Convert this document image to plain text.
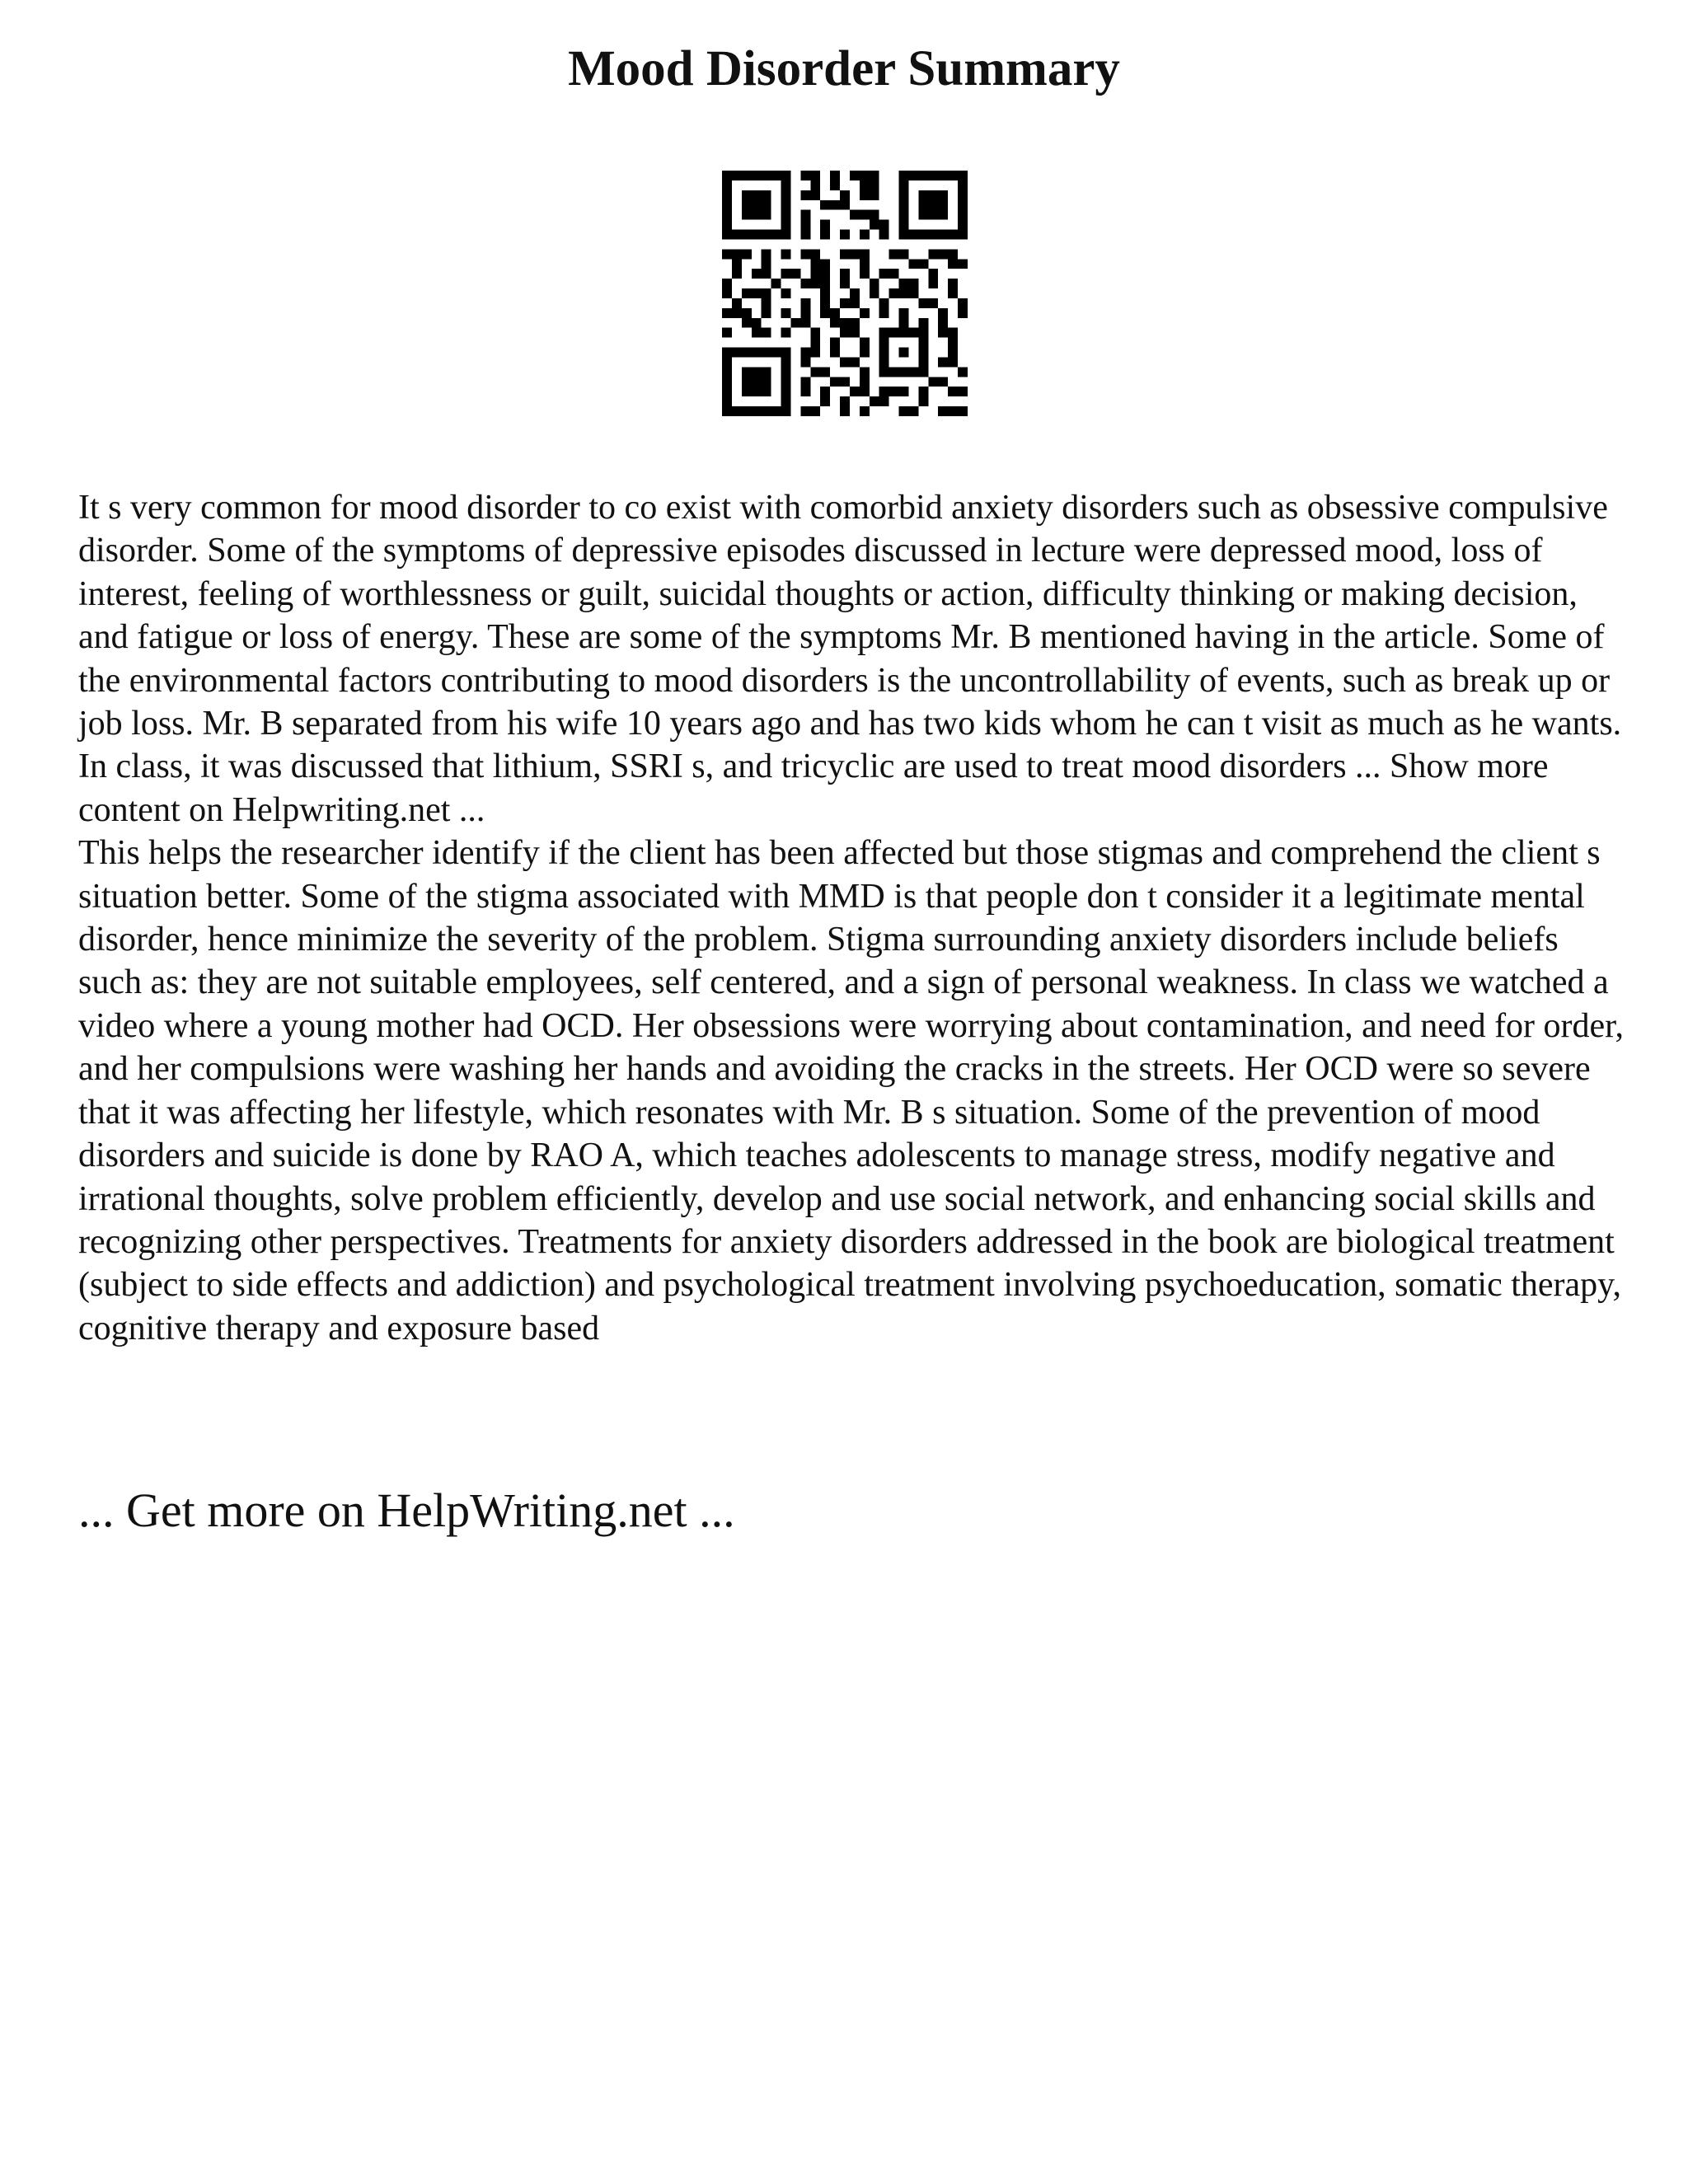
Mood Disorder Summary

It s very common for mood disorder to co exist with comorbid anxiety disorders such as obsessive compulsive disorder. Some of the symptoms of depressive episodes discussed in lecture were depressed mood, loss of interest, feeling of worthlessness or guilt, suicidal thoughts or action, difficulty thinking or making decision, and fatigue or loss of energy. These are some of the symptoms Mr. B mentioned having in the article. Some of the environmental factors contributing to mood disorders is the uncontrollability of events, such as break up or job loss. Mr. B separated from his wife 10 years ago and has two kids whom he can t visit as much as he wants. In class, it was discussed that lithium, SSRI s, and tricyclic are used to treat mood disorders ... Show more content on Helpwriting.net ...

This helps the researcher identify if the client has been affected but those stigmas and comprehend the client s situation better. Some of the stigma associated with MMD is that people don t consider it a legitimate mental disorder, hence minimize the severity of the problem. Stigma surrounding anxiety disorders include beliefs such as: they are not suitable employees, self centered, and a sign of personal weakness. In class we watched a video where a young mother had OCD. Her obsessions were worrying about contamination, and need for order, and her compulsions were washing her hands and avoiding the cracks in the streets. Her OCD were so severe that it was affecting her lifestyle, which resonates with Mr. B s situation. Some of the prevention of mood disorders and suicide is done by RAO A, which teaches adolescents to manage stress, modify negative and irrational thoughts, solve problem efficiently, develop and use social network, and enhancing social skills and recognizing other perspectives. Treatments for anxiety disorders addressed in the book are biological treatment (subject to side effects and addiction) and psychological treatment involving psychoeducation, somatic therapy, cognitive therapy and exposure based

... Get more on HelpWriting.net ...
